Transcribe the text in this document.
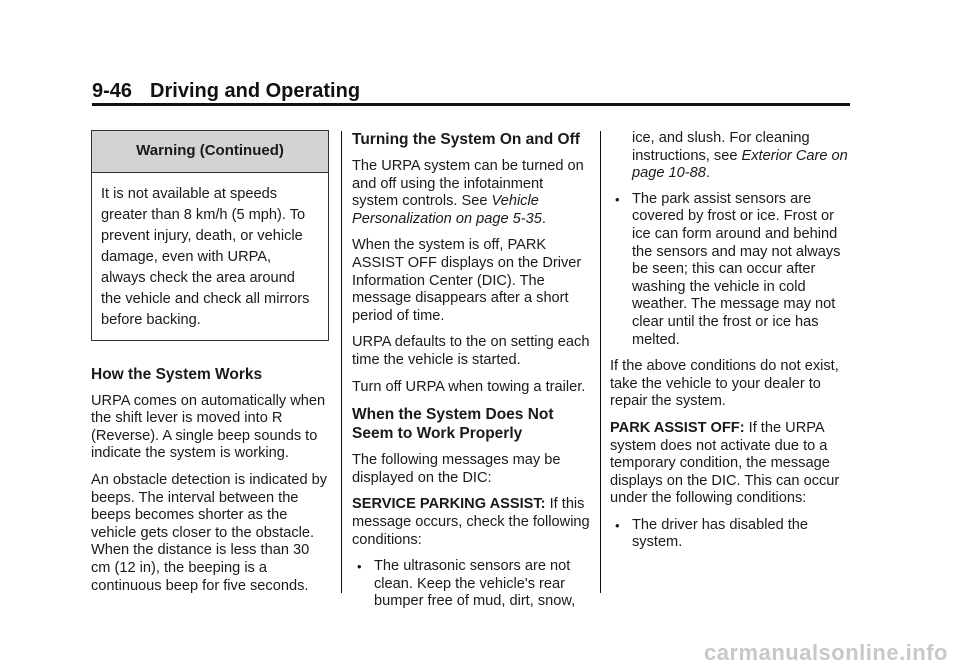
9-46 Driving and Operating
Warning (Continued)
It is not available at speeds greater than 8 km/h (5 mph). To prevent injury, death, or vehicle damage, even with URPA, always check the area around the vehicle and check all mirrors before backing.
How the System Works

URPA comes on automatically when the shift lever is moved into R (Reverse). A single beep sounds to indicate the system is working.

An obstacle detection is indicated by beeps. The interval between the beeps becomes shorter as the vehicle gets closer to the obstacle. When the distance is less than 30 cm (12 in), the beeping is a continuous beep for five seconds.

Turning the System On and Off

The URPA system can be turned on and off using the infotainment system controls. See Vehicle Personalization on page 5-35.

When the system is off, PARK ASSIST OFF displays on the Driver Information Center (DIC). The message disappears after a short period of time.

URPA defaults to the on setting each time the vehicle is started.

Turn off URPA when towing a trailer.

When the System Does Not Seem to Work Properly

The following messages may be displayed on the DIC:

SERVICE PARKING ASSIST: If this message occurs, check the following conditions:

• The ultrasonic sensors are not clean. Keep the vehicle's rear bumper free of mud, dirt, snow,

ice, and slush. For cleaning instructions, see Exterior Care on page 10-88.

• The park assist sensors are covered by frost or ice. Frost or ice can form around and behind the sensors and may not always be seen; this can occur after washing the vehicle in cold weather. The message may not clear until the frost or ice has melted.

If the above conditions do not exist, take the vehicle to your dealer to repair the system.

PARK ASSIST OFF: If the URPA system does not activate due to a temporary condition, the message displays on the DIC. This can occur under the following conditions:

• The driver has disabled the system.
carmanualsonline.info
